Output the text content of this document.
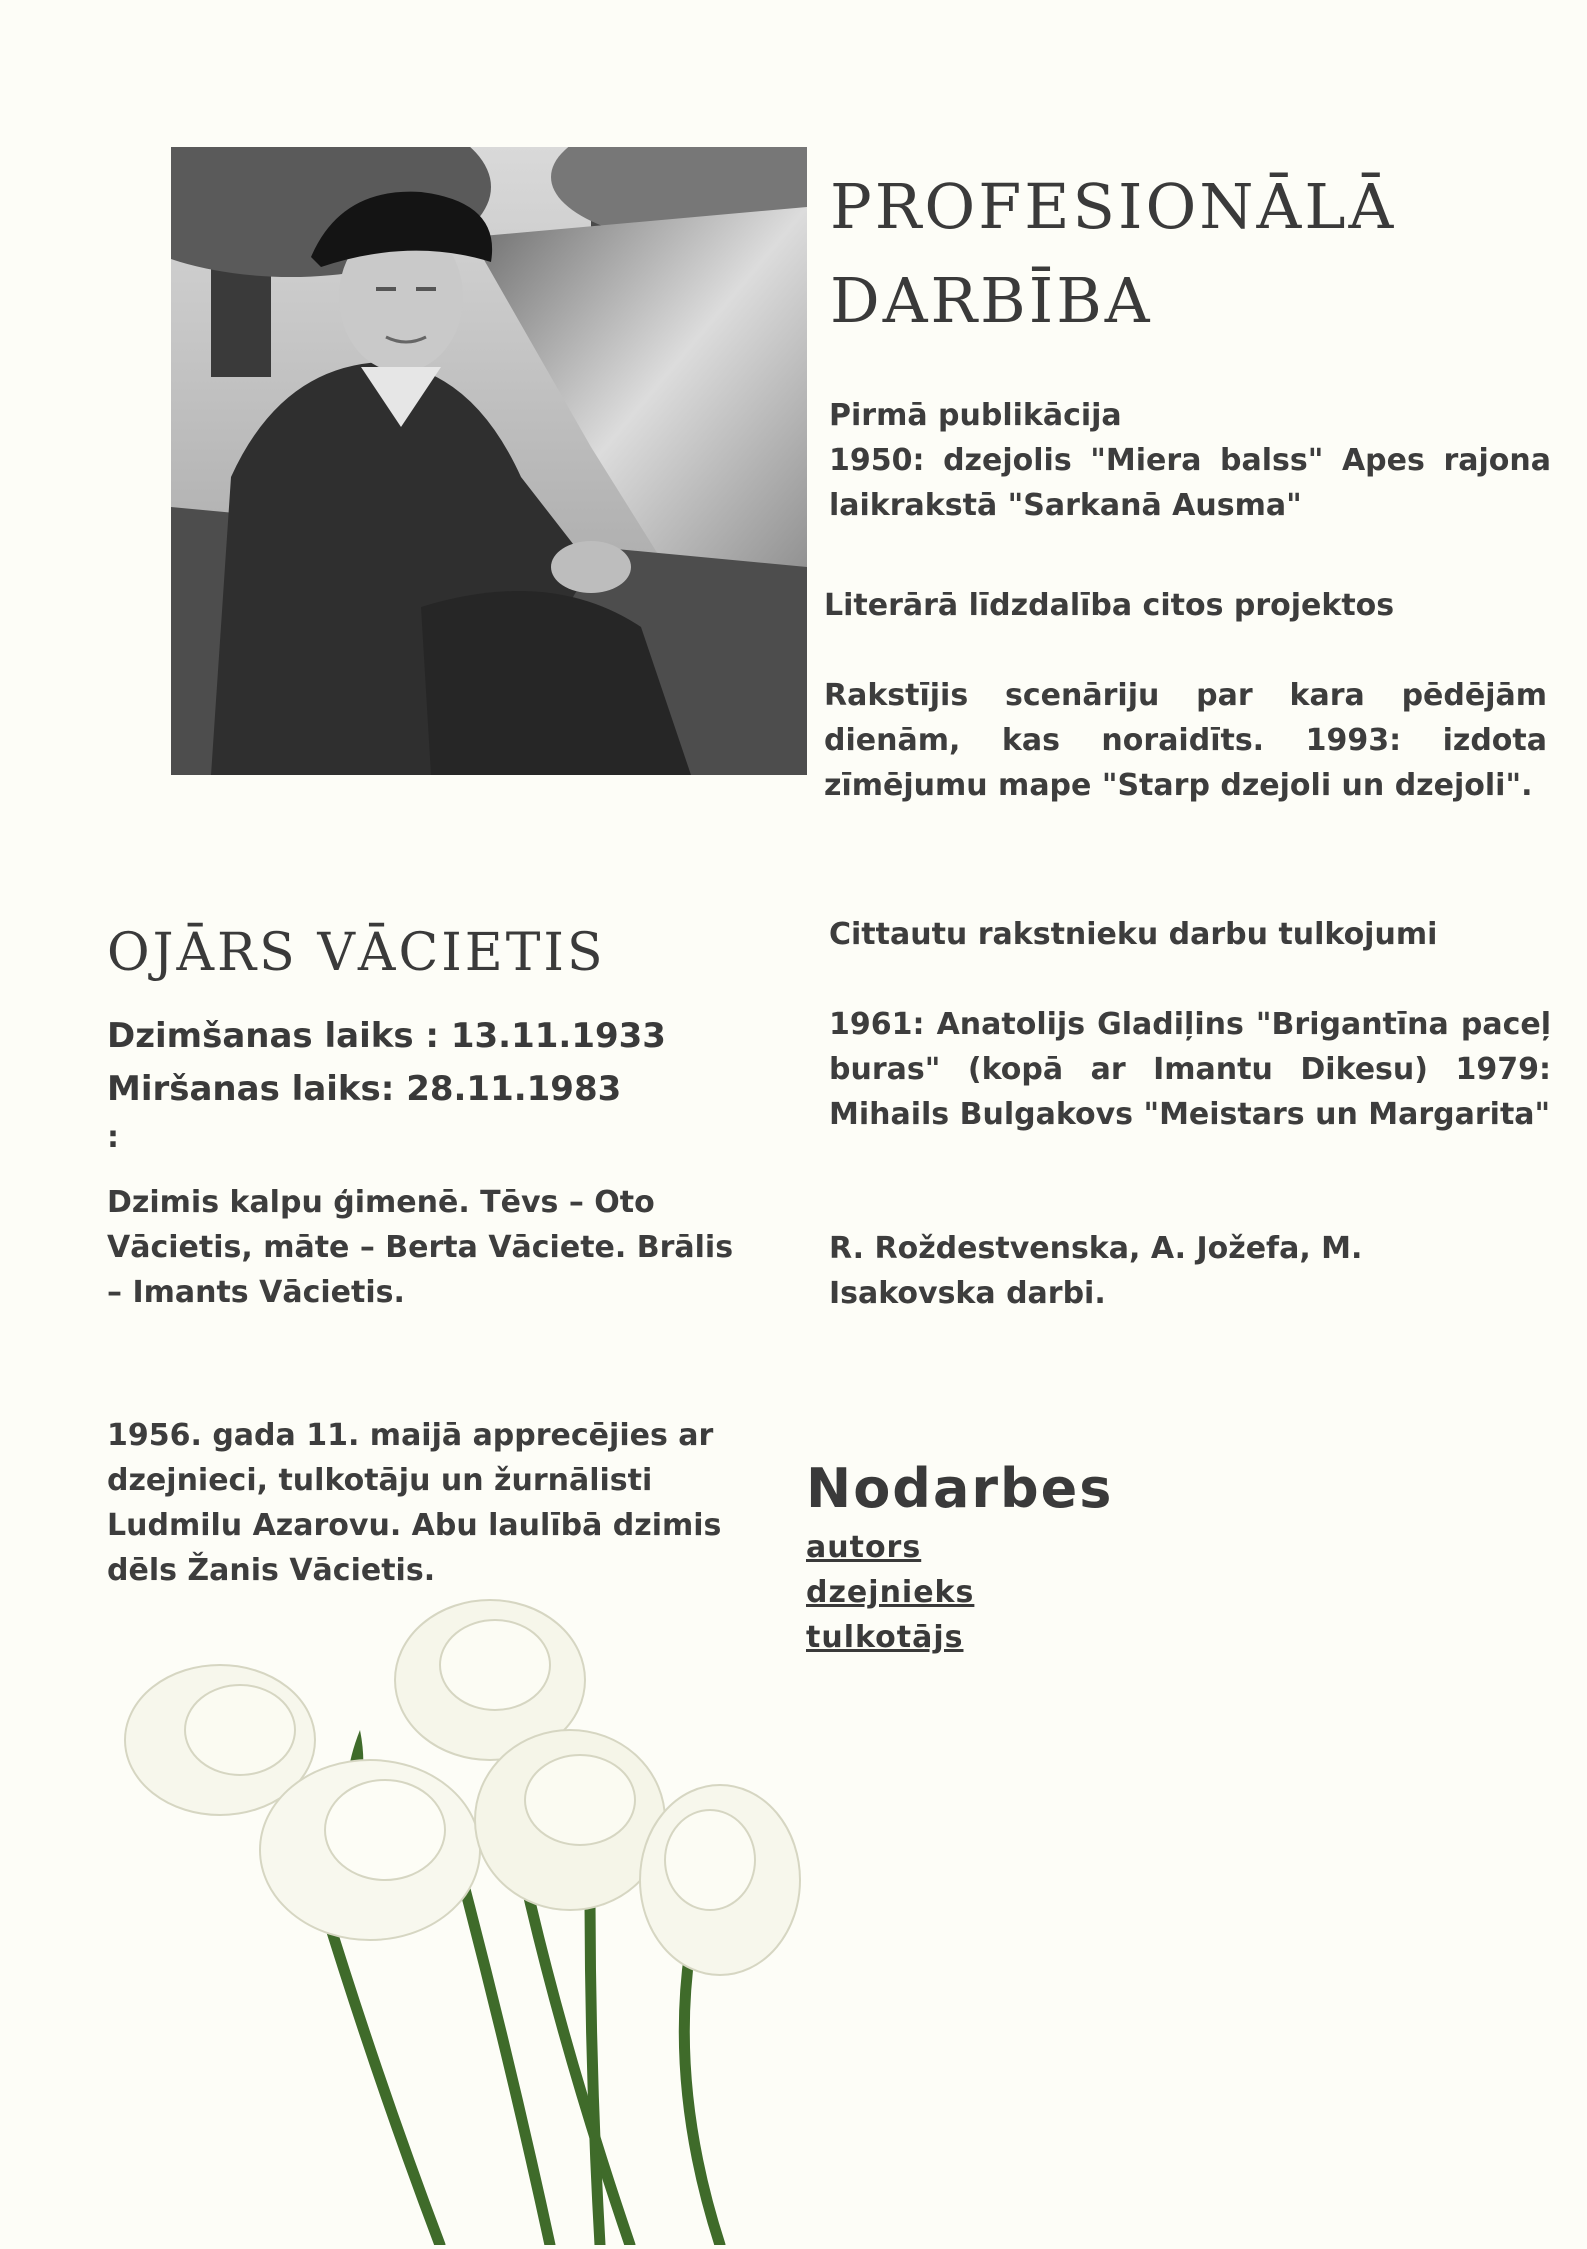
PROFESIONĀLĀ
DARBĪBA
Pirmā publikācija
1950: dzejolis "Miera balss" Apes rajona laikrakstā "Sarkanā Ausma"
Literārā līdzdalība citos projektos
Rakstījis scenāriju par kara pēdējām dienām, kas noraidīts. 1993: izdota zīmējumu mape "Starp dzejoli un dzejoli".
Cittautu rakstnieku darbu tulkojumi
1961: Anatolijs Gladiļins "Brigantīna paceļ buras" (kopā ar Imantu Dikesu) 1979: Mihails Bulgakovs "Meistars un Margarita"
R. Roždestvenska, A. Jožefa, M. Isakovska darbi.
OJĀRS VĀCIETIS
Dzimšanas laiks : 13.11.1933
Miršanas laiks: 28.11.1983
:
Dzimis kalpu ģimenē. Tēvs – Oto Vācietis, māte – Berta Vāciete. Brālis – Imants Vācietis.
1956. gada 11. maijā apprecējies ar dzejnieci, tulkotāju un žurnālisti Ludmilu Azarovu. Abu laulībā dzimis dēls Žanis Vācietis.
Nodarbes
autors
dzejnieks
tulkotājs
